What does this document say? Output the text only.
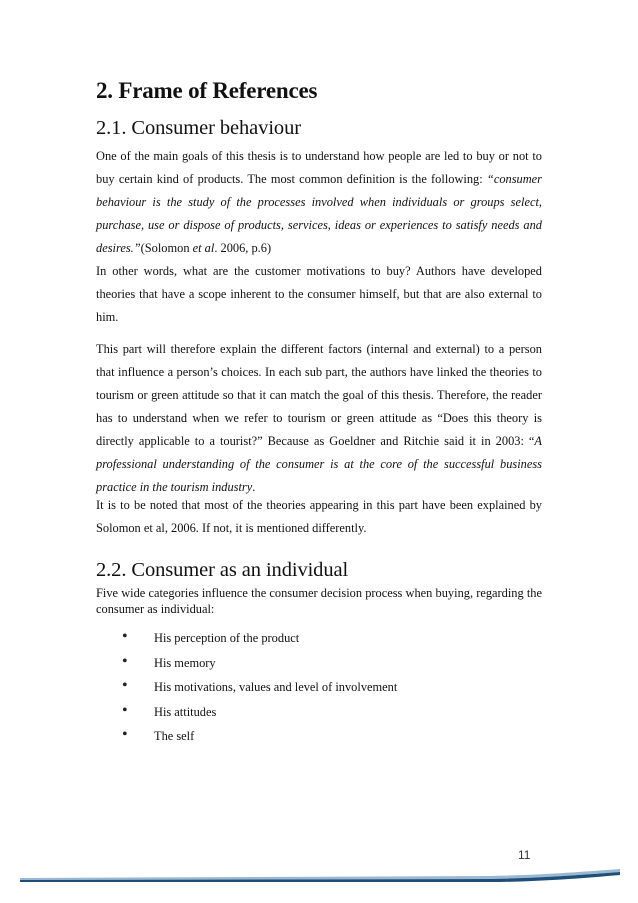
2. Frame of References
2.1. Consumer behaviour

One of the main goals of this thesis is to understand how people are led to buy or not to buy certain kind of products. The most common definition is the following: “consumer behaviour is the study of the processes involved when individuals or groups select, purchase, use or dispose of products, services, ideas or experiences to satisfy needs and desires.”(Solomon et al. 2006, p.6)

In other words, what are the customer motivations to buy? Authors have developed theories that have a scope inherent to the consumer himself, but that are also external to him.

This part will therefore explain the different factors (internal and external) to a person that influence a person’s choices. In each sub part, the authors have linked the theories to tourism or green attitude so that it can match the goal of this thesis. Therefore, the reader has to understand when we refer to tourism or green attitude as “Does this theory is directly applicable to a tourist?” Because as Goeldner and Ritchie said it in 2003: “A professional understanding of the consumer is at the core of the successful business practice in the tourism industry.

It is to be noted that most of the theories appearing in this part have been explained by Solomon et al, 2006. If not, it is mentioned differently.

2.2. Consumer as an individual

Five wide categories influence the consumer decision process when buying, regarding the consumer as individual:

• His perception of the product
• His memory
• His motivations, values and level of involvement
• His attitudes
• The self
11
